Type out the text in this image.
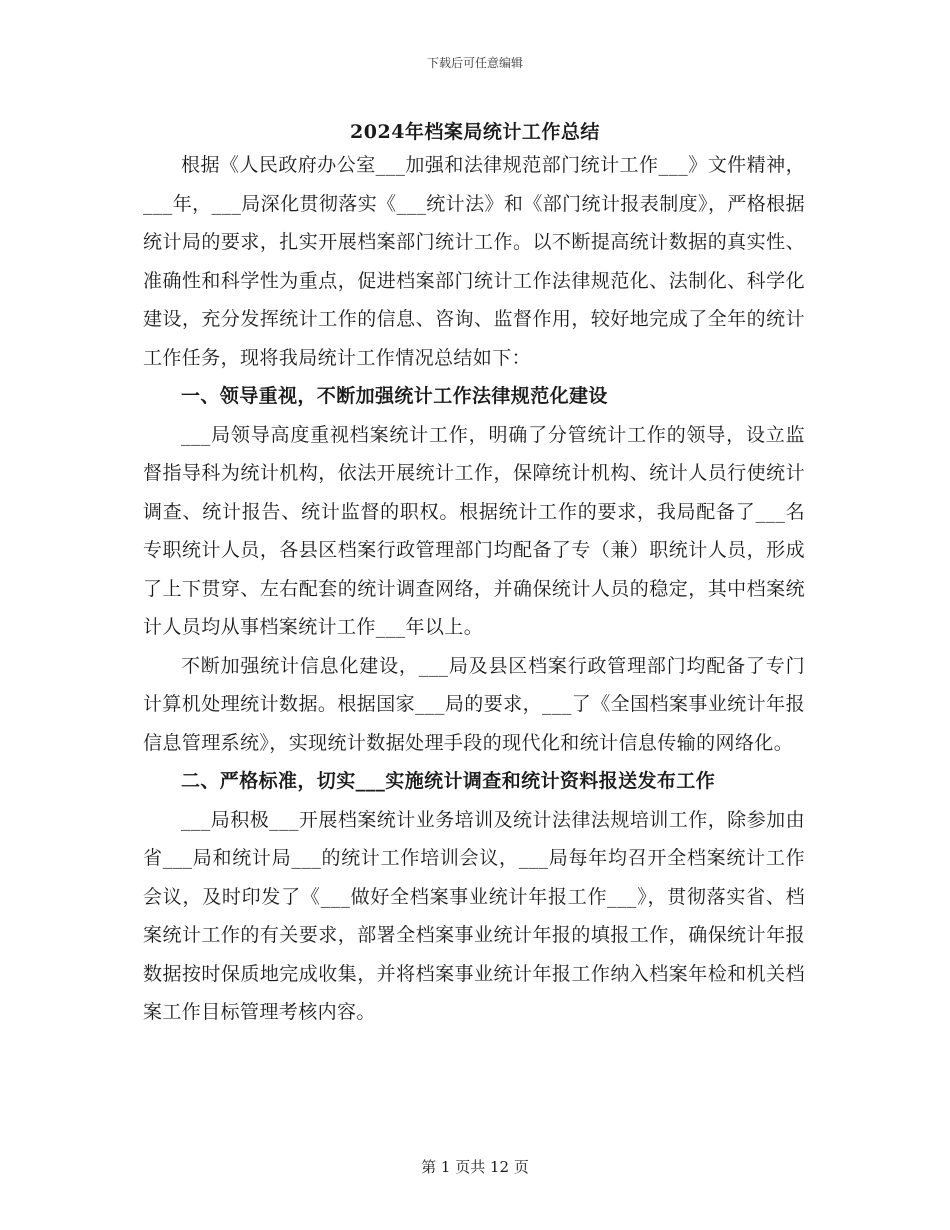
下载后可任意编辑
2024年档案局统计工作总结

根据《人民政府办公室___加强和法律规范部门统计工作___》文件精神，___年，___局深化贯彻落实《___统计法》和《部门统计报表制度》，严格根据统计局的要求，扎实开展档案部门统计工作。以不断提高统计数据的真实性、准确性和科学性为重点，促进档案部门统计工作法律规范化、法制化、科学化建设，充分发挥统计工作的信息、咨询、监督作用，较好地完成了全年的统计工作任务，现将我局统计工作情况总结如下：

一、领导重视，不断加强统计工作法律规范化建设

___局领导高度重视档案统计工作，明确了分管统计工作的领导，设立监督指导科为统计机构，依法开展统计工作，保障统计机构、统计人员行使统计调查、统计报告、统计监督的职权。根据统计工作的要求，我局配备了___名专职统计人员，各县区档案行政管理部门均配备了专（兼）职统计人员，形成了上下贯穿、左右配套的统计调查网络，并确保统计人员的稳定，其中档案统计人员均从事档案统计工作___年以上。

不断加强统计信息化建设，___局及县区档案行政管理部门均配备了专门计算机处理统计数据。根据国家___局的要求，___了《全国档案事业统计年报信息管理系统》，实现统计数据处理手段的现代化和统计信息传输的网络化。

二、严格标准，切实___实施统计调查和统计资料报送发布工作

___局积极___开展档案统计业务培训及统计法律法规培训工作，除参加由省___局和统计局___的统计工作培训会议，___局每年均召开全档案统计工作会议，及时印发了《___做好全档案事业统计年报工作___》，贯彻落实省、档案统计工作的有关要求，部署全档案事业统计年报的填报工作，确保统计年报数据按时保质地完成收集，并将档案事业统计年报工作纳入档案年检和机关档案工作目标管理考核内容。

第 1 页共 12 页
